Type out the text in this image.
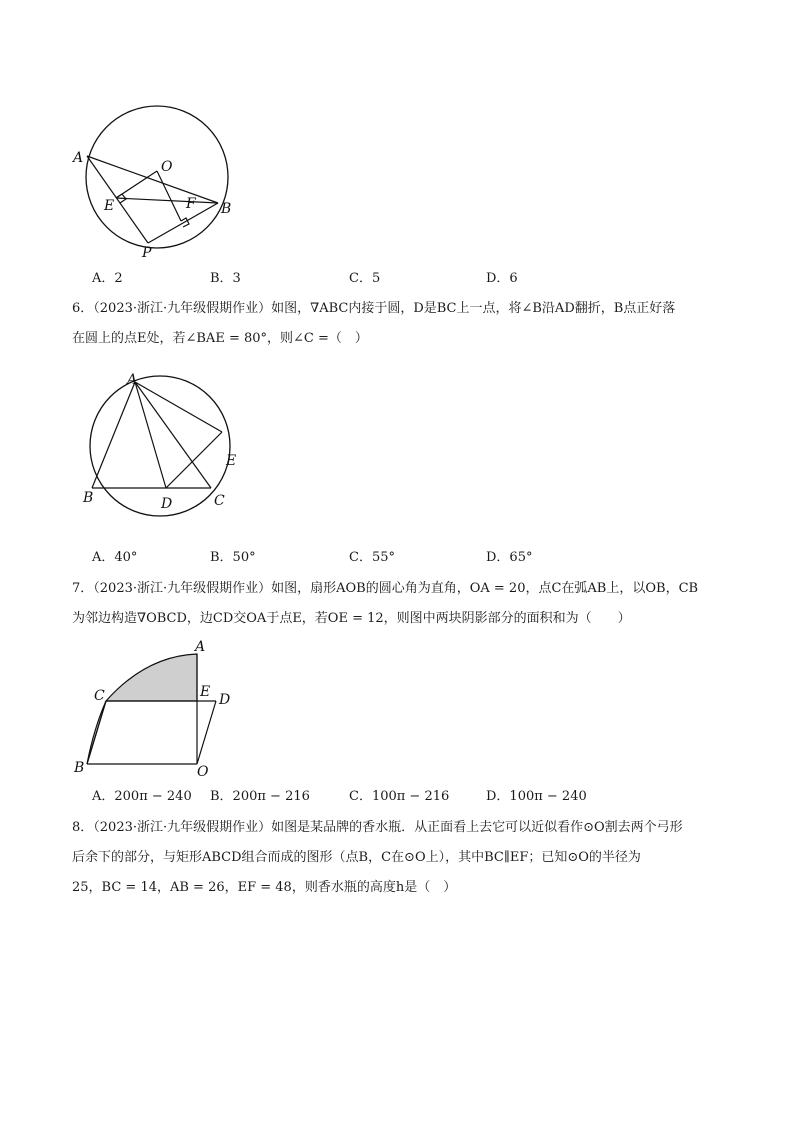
A
O
E	F B
P
A．2	B．3	C．5	D．6
6．（2023·浙江·九年级假期作业）如图，∇ABC内接于圆，D是BC上一点，将∠B沿AD翻折，B点正好落
在圆上的点E处，若∠BAE = 80°，则∠C =（　）
A
E
B	D	C
A．40°	B．50°	C．55°	D．65°
7．（2023·浙江·九年级假期作业）如图，扇形AOB的圆心角为直角，OA = 20，点C在弧AB上，以OB，CB
为邻边构造∇OBCD，边CD交OA于点E，若OE = 12，则图中两块阴影部分的面积和为（　　）
A
C	E D
B	O
A．200π − 240 B．200π − 216	C．100π − 216	D．100π − 240
8．（2023·浙江·九年级假期作业）如图是某品牌的香水瓶．从正面看上去它可以近似看作⊙O割去两个弓形
后余下的部分，与矩形ABCD组合而成的图形（点B，C在⊙O上），其中BC∥EF；已知⊙O的半径为
25，BC = 14，AB = 26，EF = 48，则香水瓶的高度h是（　）
